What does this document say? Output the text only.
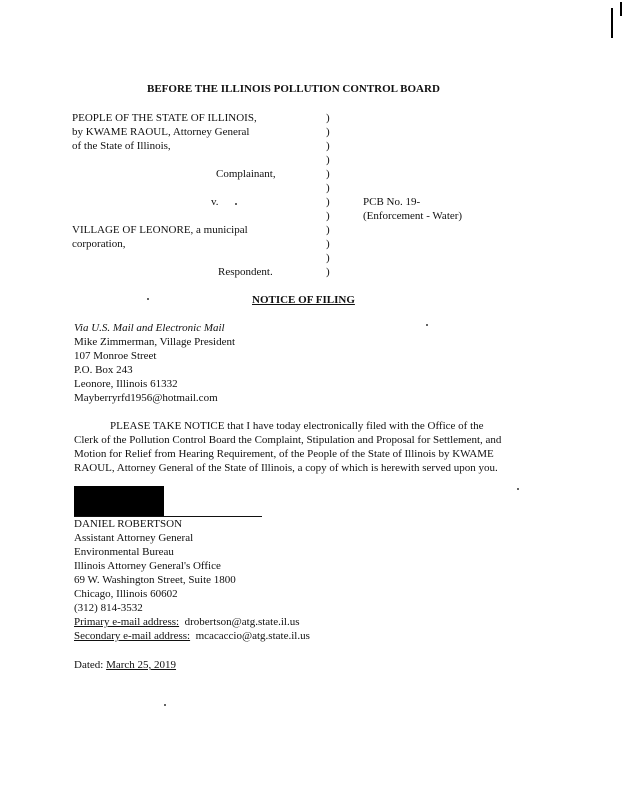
BEFORE THE ILLINOIS POLLUTION CONTROL BOARD
PEOPLE OF THE STATE OF ILLINOIS,
by KWAME RAOUL, Attorney General
of the State of Illinois,
Complainant,
v.
VILLAGE OF LEONORE, a municipal
corporation,
Respondent.
)
)
)
)
)
)
)
)
)
)
)
)
PCB No. 19-
(Enforcement - Water)
NOTICE OF FILING
Via U.S. Mail and Electronic Mail
Mike Zimmerman, Village President
107 Monroe Street
P.O. Box 243
Leonore, Illinois 61332
Mayberryrfd1956@hotmail.com
PLEASE TAKE NOTICE that I have today electronically filed with the Office of the
Clerk of the Pollution Control Board the Complaint, Stipulation and Proposal for Settlement, and
Motion for Relief from Hearing Requirement, of the People of the State of Illinois by KWAME
RAOUL, Attorney General of the State of Illinois, a copy of which is herewith served upon you.
DANIEL ROBERTSON
Assistant Attorney General
Environmental Bureau
Illinois Attorney General's Office
69 W. Washington Street, Suite 1800
Chicago, Illinois 60602
(312) 814-3532
Primary e-mail address: drobertson@atg.state.il.us
Secondary e-mail address: mcacaccio@atg.state.il.us
Dated: March 25, 2019
